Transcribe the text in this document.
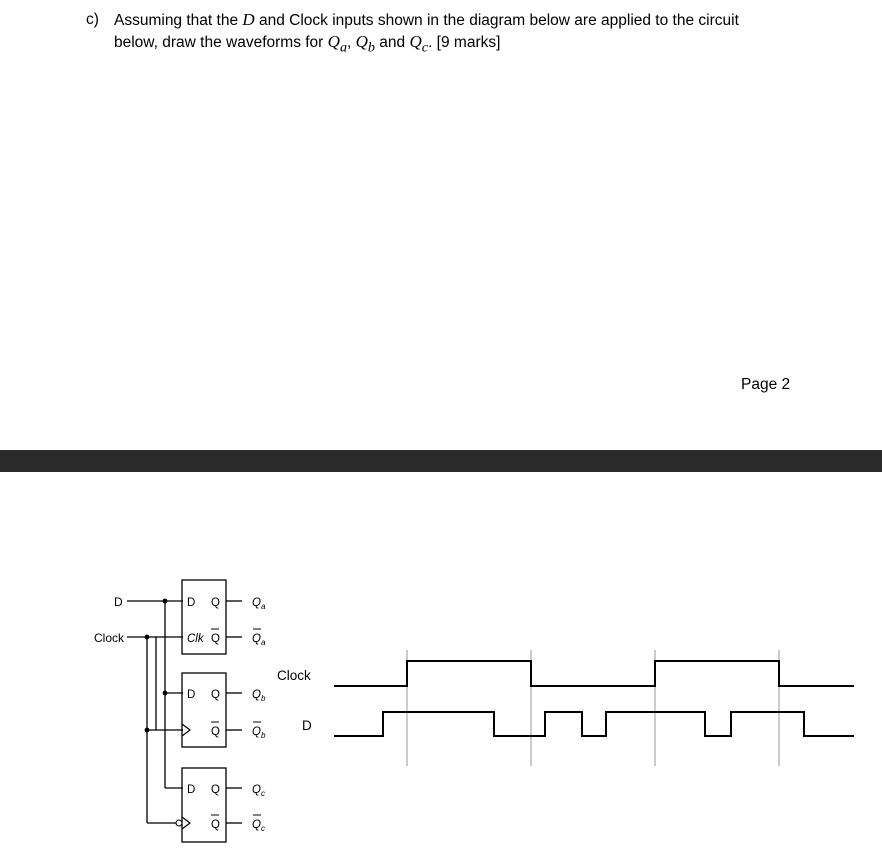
c) Assuming that the D and Clock inputs shown in the diagram below are applied to the circuit
below, draw the waveforms for $Q_a$, $Q_b$ and $Q_c$. [9 marks]
Page 2
D
Clock
D Q
Clk Q
D Q
Q
D Q
Q
$Q_a$
$Q_a$
$Q_b$
$Q_b$
$Q_c$
$Q_c$
Clock
D
